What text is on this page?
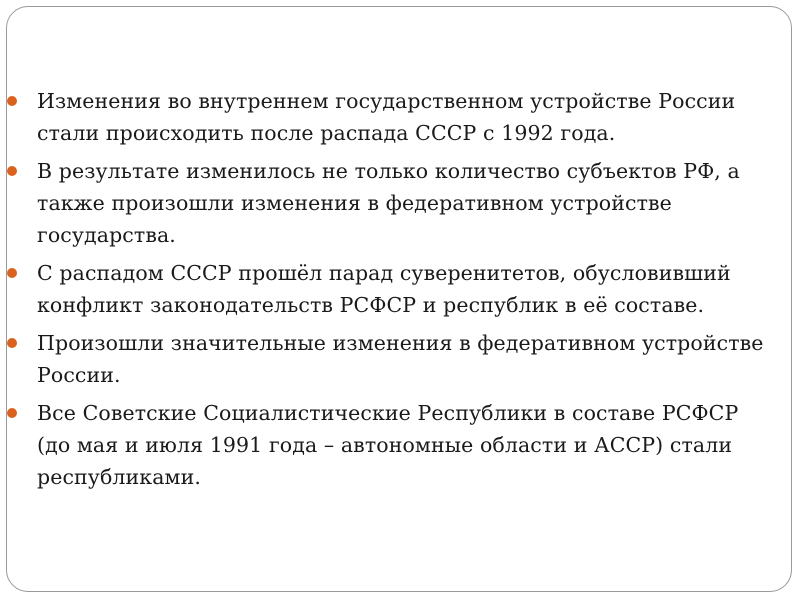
Изменения во внутреннем государственном устройстве России стали происходить после распада СССР с 1992 года.
В результате изменилось не только количество субъектов РФ, а также произошли изменения в федеративном устройстве государства.
С распадом СССР прошёл парад суверенитетов, обусловивший конфликт законодательств РСФСР и республик в её составе.
Произошли значительные изменения в федеративном устройстве России.
Все Советские Социалистические Республики в составе РСФСР (до мая и июля 1991 года – автономные области и АССР) стали республиками.
